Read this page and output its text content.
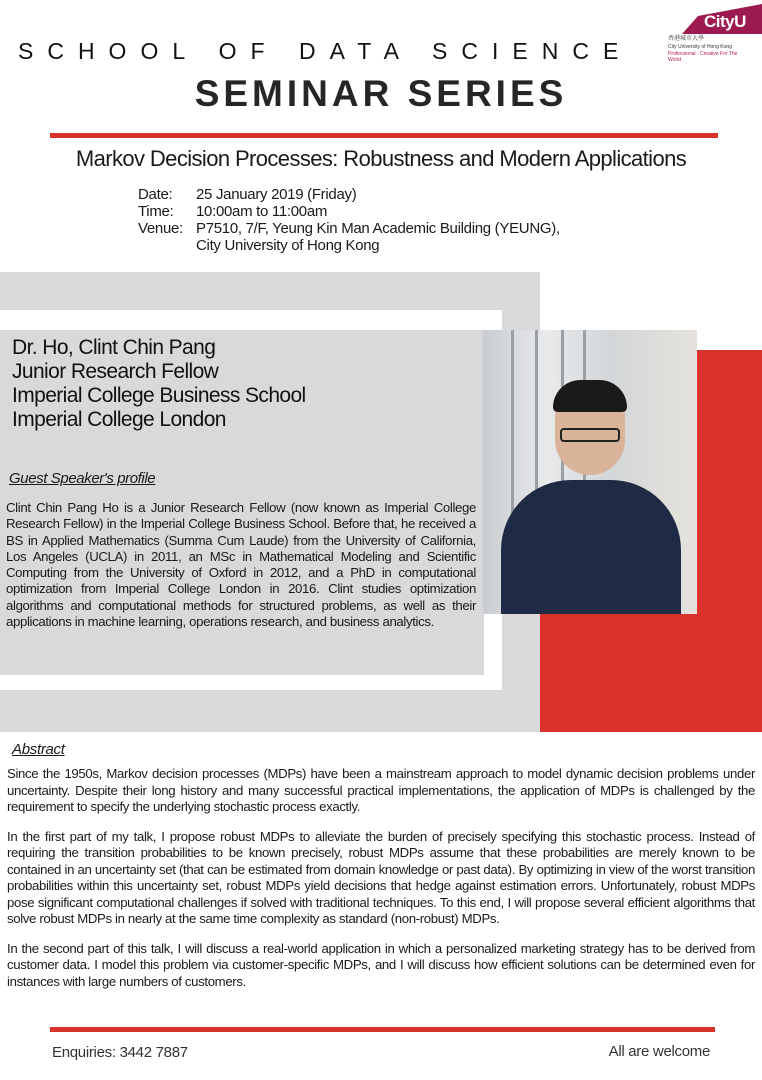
SCHOOL OF DATA SCIENCE
CityU
香港城市大學
City University of Hong Kong
Professional · Creative For The World
SEMINAR SERIES
Markov Decision Processes: Robustness and Modern Applications
Date:	25 January 2019 (Friday)
Time:	10:00am to 11:00am
Venue: P7510, 7/F, Yeung Kin Man Academic Building (YEUNG),
City University of Hong Kong
Dr. Ho, Clint Chin Pang
Junior Research Fellow
Imperial College Business School
Imperial College London
Guest Speaker's profile
Clint Chin Pang Ho is a Junior Research Fellow (now known as Imperial College Research Fellow) in the Imperial College Business School. Before that, he received a BS in Applied Mathematics (Summa Cum Laude) from the University of California, Los Angeles (UCLA) in 2011, an MSc in Mathematical Modeling and Scientific Computing from the University of Oxford in 2012, and a PhD in computational optimization from Imperial College London in 2016. Clint studies optimization algorithms and computational methods for structured problems, as well as their applications in machine learning, operations research, and business analytics.
Abstract

Since the 1950s, Markov decision processes (MDPs) have been a mainstream approach to model dynamic decision problems under uncertainty. Despite their long history and many successful practical implementations, the application of MDPs is challenged by the requirement to specify the underlying stochastic process exactly.

In the first part of my talk, I propose robust MDPs to alleviate the burden of precisely specifying this stochastic process. Instead of requiring the transition probabilities to be known precisely, robust MDPs assume that these probabilities are merely known to be contained in an uncertainty set (that can be estimated from domain knowledge or past data). By optimizing in view of the worst transition probabilities within this uncertainty set, robust MDPs yield decisions that hedge against estimation errors. Unfortunately, robust MDPs pose significant computational challenges if solved with traditional techniques. To this end, I will propose several efficient algorithms that solve robust MDPs in nearly at the same time complexity as standard (non-robust) MDPs.

In the second part of this talk, I will discuss a real-world application in which a personalized marketing strategy has to be derived from customer data. I model this problem via customer-specific MDPs, and I will discuss how efficient solutions can be determined even for instances with large numbers of customers.

Enquiries: 3442 7887	All are welcome
